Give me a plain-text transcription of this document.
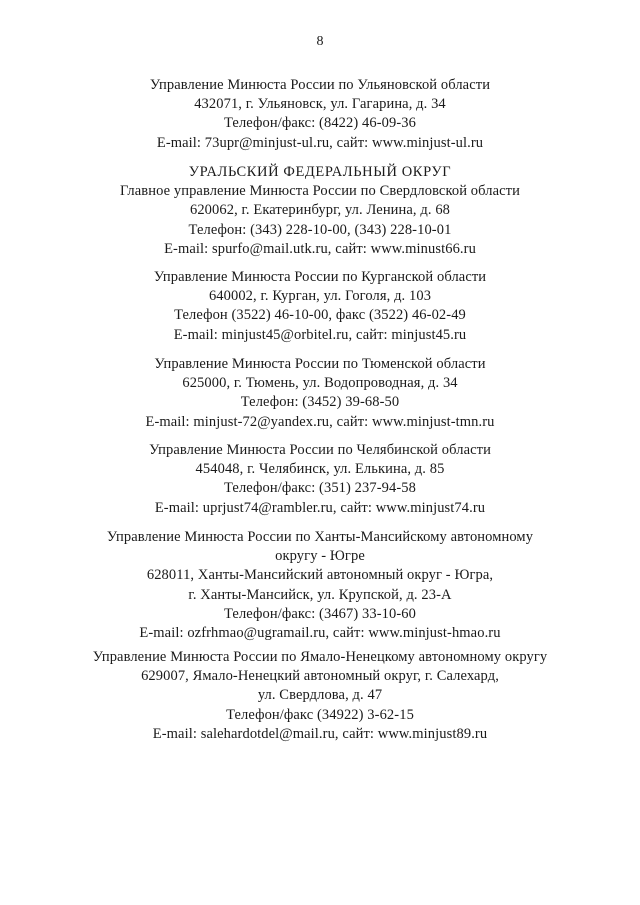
8
Управление Минюста России по Ульяновской области
432071, г. Ульяновск, ул. Гагарина, д. 34
Телефон/факс: (8422) 46-09-36
E-mail: 73upr@minjust-ul.ru, сайт: www.minjust-ul.ru
УРАЛЬСКИЙ ФЕДЕРАЛЬНЫЙ ОКРУГ
Главное управление Минюста России по Свердловской области
620062, г. Екатеринбург, ул. Ленина, д. 68
Телефон: (343) 228-10-00, (343) 228-10-01
E-mail: spurfo@mail.utk.ru, сайт: www.minust66.ru
Управление Минюста России по Курганской области
640002, г. Курган, ул. Гоголя, д. 103
Телефон (3522) 46-10-00, факс (3522) 46-02-49
E-mail: minjust45@orbitel.ru, сайт: minjust45.ru
Управление Минюста России по Тюменской области
625000, г. Тюмень, ул. Водопроводная, д. 34
Телефон: (3452) 39-68-50
E-mail: minjust-72@yandex.ru, сайт: www.minjust-tmn.ru
Управление Минюста России по Челябинской области
454048, г. Челябинск, ул. Елькина, д. 85
Телефон/факс: (351) 237-94-58
E-mail: uprjust74@rambler.ru, сайт: www.minjust74.ru
Управление Минюста России по Ханты-Мансийскому автономному
округу - Югре
628011, Ханты-Мансийский автономный округ - Югра,
г. Ханты-Мансийск, ул. Крупской, д. 23-А
Телефон/факс: (3467) 33-10-60
E-mail: ozfrhmao@ugramail.ru, сайт: www.minjust-hmao.ru
Управление Минюста России по Ямало-Ненецкому автономному округу
629007, Ямало-Ненецкий автономный округ, г. Салехард,
ул. Свердлова, д. 47
Телефон/факс (34922) 3-62-15
E-mail: salehardotdel@mail.ru, сайт: www.minjust89.ru
